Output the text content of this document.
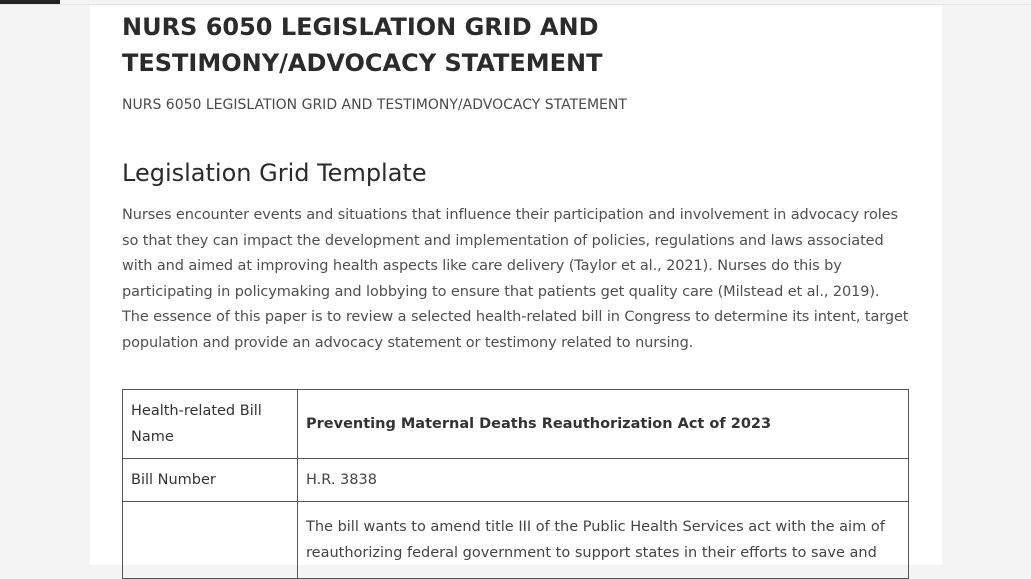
NURS 6050 LEGISLATION GRID AND TESTIMONY/ADVOCACY STATEMENT
NURS 6050 LEGISLATION GRID AND TESTIMONY/ADVOCACY STATEMENT
Legislation Grid Template
Nurses encounter events and situations that influence their participation and involvement in advocacy roles so that they can impact the development and implementation of policies, regulations and laws associated with and aimed at improving health aspects like care delivery (Taylor et al., 2021). Nurses do this by participating in policymaking and lobbying to ensure that patients get quality care (Milstead et al., 2019). The essence of this paper is to review a selected health-related bill in Congress to determine its intent, target population and provide an advocacy statement or testimony related to nursing.
Health-related Bill Name	Preventing Maternal Deaths Reauthorization Act of 2023
Bill Number	H.R. 3838
	The bill wants to amend title III of the Public Health Services act with the aim of reauthorizing federal government to support states in their efforts to save and
